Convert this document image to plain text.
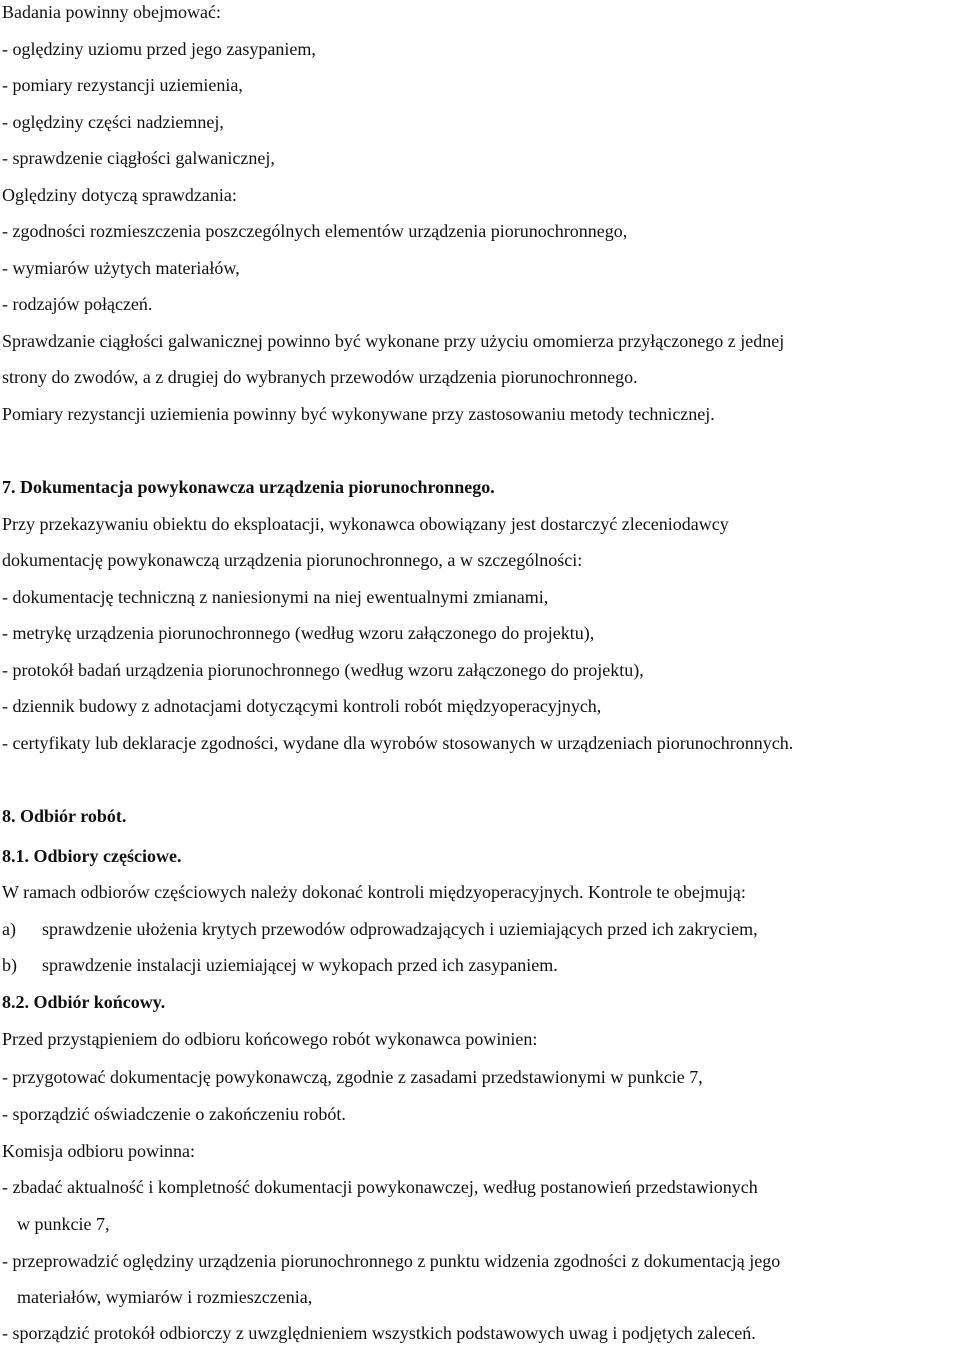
Badania powinny obejmować:
- oględziny uziomu przed jego zasypaniem,
- pomiary rezystancji uziemienia,
- oględziny części nadziemnej,
- sprawdzenie ciągłości galwanicznej,
Oględziny dotyczą sprawdzania:
- zgodności rozmieszczenia poszczególnych elementów urządzenia piorunochronnego,
- wymiarów użytych materiałów,
- rodzajów połączeń.
Sprawdzanie ciągłości galwanicznej powinno być wykonane przy użyciu omomierza przyłączonego z jednej
strony do zwodów, a z drugiej do wybranych przewodów urządzenia piorunochronnego.
Pomiary rezystancji uziemienia powinny być wykonywane przy zastosowaniu metody technicznej.
7. Dokumentacja powykonawcza urządzenia piorunochronnego.
Przy przekazywaniu obiektu do eksploatacji, wykonawca obowiązany jest dostarczyć zleceniodawcy
dokumentację powykonawczą urządzenia piorunochronnego, a w szczególności:
- dokumentację techniczną z naniesionymi na niej ewentualnymi zmianami,
- metrykę urządzenia piorunochronnego (według wzoru załączonego do projektu),
- protokół badań urządzenia piorunochronnego (według wzoru załączonego do projektu),
- dziennik budowy z adnotacjami dotyczącymi kontroli robót międzyoperacyjnych,
- certyfikaty lub deklaracje zgodności, wydane dla wyrobów stosowanych w urządzeniach piorunochronnych.
8. Odbiór robót.
8.1. Odbiory częściowe.
W ramach odbiorów częściowych należy dokonać kontroli międzyoperacyjnych. Kontrole te obejmują:
a)	sprawdzenie ułożenia krytych przewodów odprowadzających i uziemiających przed ich zakryciem,
b)	sprawdzenie instalacji uziemiającej w wykopach przed ich zasypaniem.
8.2. Odbiór końcowy.
Przed przystąpieniem do odbioru końcowego robót wykonawca powinien:
- przygotować dokumentację powykonawczą, zgodnie z zasadami przedstawionymi w punkcie 7,
- sporządzić oświadczenie o zakończeniu robót.
Komisja odbioru powinna:
- zbadać aktualność i kompletność dokumentacji powykonawczej, według postanowień przedstawionych
w punkcie 7,
- przeprowadzić oględziny urządzenia piorunochronnego z punktu widzenia zgodności z dokumentacją jego
materiałów, wymiarów i rozmieszczenia,
- sporządzić protokół odbiorczy z uwzględnieniem wszystkich podstawowych uwag i podjętych zaleceń.
